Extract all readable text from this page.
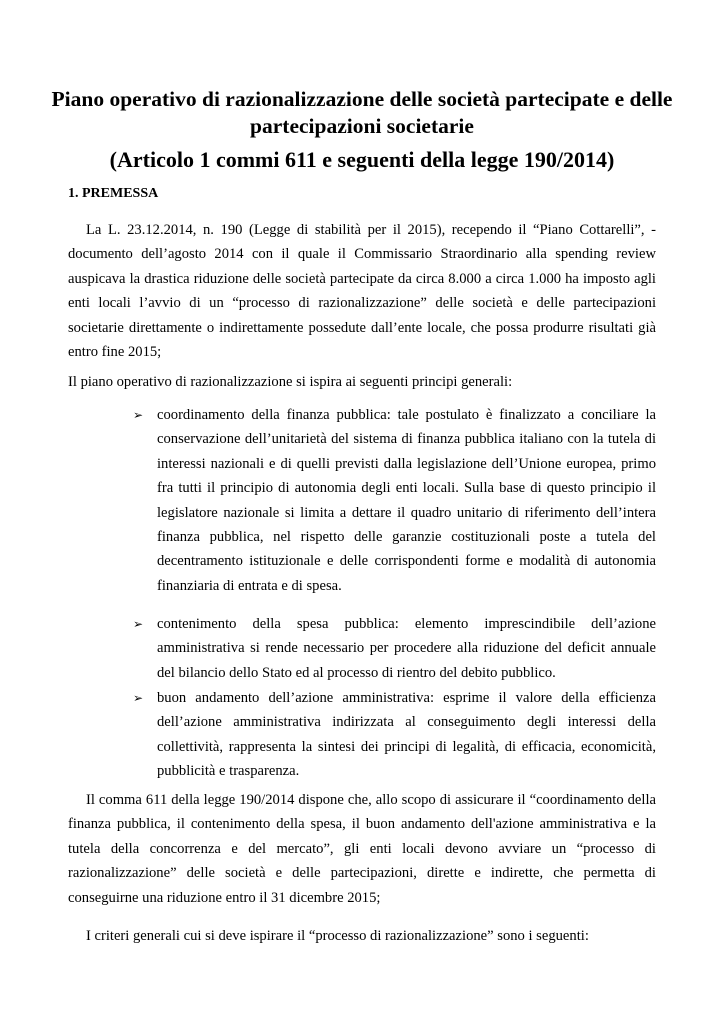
Piano operativo di razionalizzazione delle società partecipate e delle partecipazioni societarie
(Articolo 1 commi 611 e seguenti della legge 190/2014)
1. PREMESSA

La L. 23.12.2014, n. 190 (Legge di stabilità per il 2015), recependo il “Piano Cottarelli”, - documento dell’agosto 2014 con il quale il Commissario Straordinario alla spending review auspicava la drastica riduzione delle società partecipate da circa 8.000 a circa 1.000 ha imposto agli enti locali l’avvio di un “processo di razionalizzazione” delle società e delle partecipazioni societarie direttamente o indirettamente possedute dall’ente locale, che possa produrre risultati già entro fine 2015;

Il piano operativo di razionalizzazione si ispira ai seguenti principi generali:

➢ coordinamento della finanza pubblica: tale postulato è finalizzato a conciliare la conservazione dell’unitarietà del sistema di finanza pubblica italiano con la tutela di interessi nazionali e di quelli previsti dalla legislazione dell’Unione europea, primo fra tutti il principio di autonomia degli enti locali. Sulla base di questo principio il legislatore nazionale si limita a dettare il quadro unitario di riferimento dell’intera finanza pubblica, nel rispetto delle garanzie costituzionali poste a tutela del decentramento istituzionale e delle corrispondenti forme e modalità di autonomia finanziaria di entrata e di spesa.

➢ contenimento della spesa pubblica: elemento imprescindibile dell’azione amministrativa si rende necessario per procedere alla riduzione del deficit annuale del bilancio dello Stato ed al processo di rientro del debito pubblico.

➢ buon andamento dell’azione amministrativa: esprime il valore della efficienza dell’azione amministrativa indirizzata al conseguimento degli interessi della collettività, rappresenta la sintesi dei principi di legalità, di efficacia, economicità, pubblicità e trasparenza.

Il comma 611 della legge 190/2014 dispone che, allo scopo di assicurare il “coordinamento della finanza pubblica, il contenimento della spesa, il buon andamento dell'azione amministrativa e la tutela della concorrenza e del mercato”, gli enti locali devono avviare un “processo di razionalizzazione” delle società e delle partecipazioni, dirette e indirette, che permetta di conseguirne una riduzione entro il 31 dicembre 2015;

I criteri generali cui si deve ispirare il “processo di razionalizzazione” sono i seguenti:
